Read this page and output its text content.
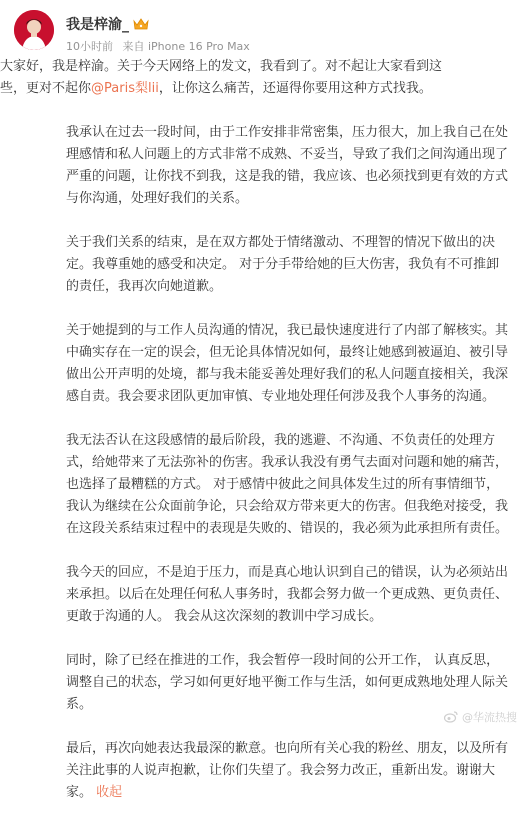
我是梓渝_
10小时前 来自 iPhone 16 Pro Max

大家好，我是梓渝。关于今天网络上的发文，我看到了。对不起让大家看到这些，更对不起你@Paris梨lii，让你这么痛苦，还逼得你要用这种方式找我。

我承认在过去一段时间，由于工作安排非常密集，压力很大，加上我自己在处理感情和私人问题上的方式非常不成熟、不妥当，导致了我们之间沟通出现了严重的问题，让你找不到我，这是我的错，我应该、也必须找到更有效的方式与你沟通，处理好我们的关系。

关于我们关系的结束，是在双方都处于情绪激动、不理智的情况下做出的决定。我尊重她的感受和决定。 对于分手带给她的巨大伤害，我负有不可推卸的责任，我再次向她道歉。

关于她提到的与工作人员沟通的情况，我已最快速度进行了内部了解核实。其中确实存在一定的误会，但无论具体情况如何，最终让她感到被逼迫、被引导做出公开声明的处境，都与我未能妥善处理好我们的私人问题直接相关，我深感自责。我会要求团队更加审慎、专业地处理任何涉及我个人事务的沟通。

我无法否认在这段感情的最后阶段，我的逃避、不沟通、不负责任的处理方式，给她带来了无法弥补的伤害。我承认我没有勇气去面对问题和她的痛苦，也选择了最糟糕的方式。 对于感情中彼此之间具体发生过的所有事情细节，我认为继续在公众面前争论，只会给双方带来更大的伤害。但我绝对接受，我在这段关系结束过程中的表现是失败的、错误的，我必须为此承担所有责任。

我今天的回应，不是迫于压力，而是真心地认识到自己的错误，认为必须站出来承担。以后在处理任何私人事务时，我都会努力做一个更成熟、更负责任、更敢于沟通的人。 我会从这次深刻的教训中学习成长。

同时，除了已经在推进的工作，我会暂停一段时间的公开工作， 认真反思，调整自己的状态，学习如何更好地平衡工作与生活，如何更成熟地处理人际关系。

最后，再次向她表达我最深的歉意。也向所有关心我的粉丝、朋友，以及所有关注此事的人说声抱歉，让你们失望了。我会努力改正，重新出发。谢谢大家。 收起

@华流热搜
